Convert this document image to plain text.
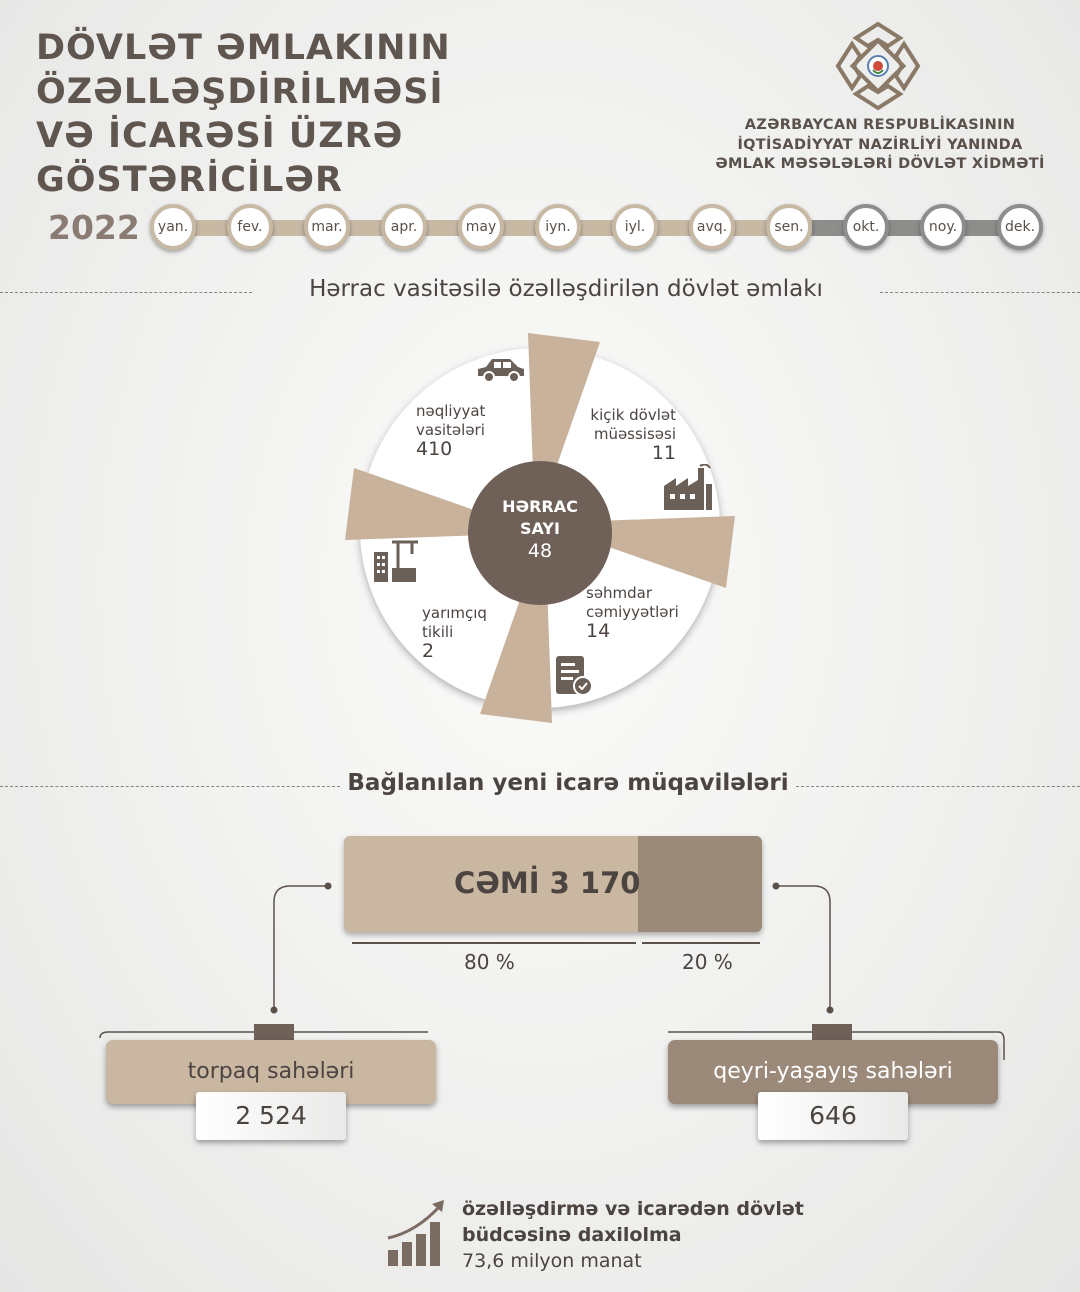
DÖVLƏT ƏMLAKININ
ÖZƏLLƏŞDİRİLMƏSİ
VƏ İCARƏSİ ÜZRƏ
GÖSTƏRİCİLƏR
AZƏRBAYCAN RESPUBLİKASININ
İQTİSADİYYAT NAZİRLİYİ YANINDA
ƏMLAK MƏSƏLƏLƏRİ DÖVLƏT XİDMƏTİ
2022	yan.	fev.	mar.	apr.	may	iyn.	iyl.	avq.	sen.	okt.	noy.	dek.
Hərrac vasitəsilə özəlləşdirilən dövlət əmlakı
HƏRRAC
SAYI
48
nəqliyyat
vasitələri
410
kiçik dövlət
müəssisəsi
11
səhmdar
cəmiyyətləri
14
yarımçıq
tikili
2
Bağlanılan yeni icarə müqavilələri
CƏMİ 3 170
80 %	20 %
torpaq sahələri	qeyri-yaşayış sahələri
2 524	646
özəlləşdirmə və icarədən dövlət
büdcəsinə daxilolma
73,6 milyon manat
